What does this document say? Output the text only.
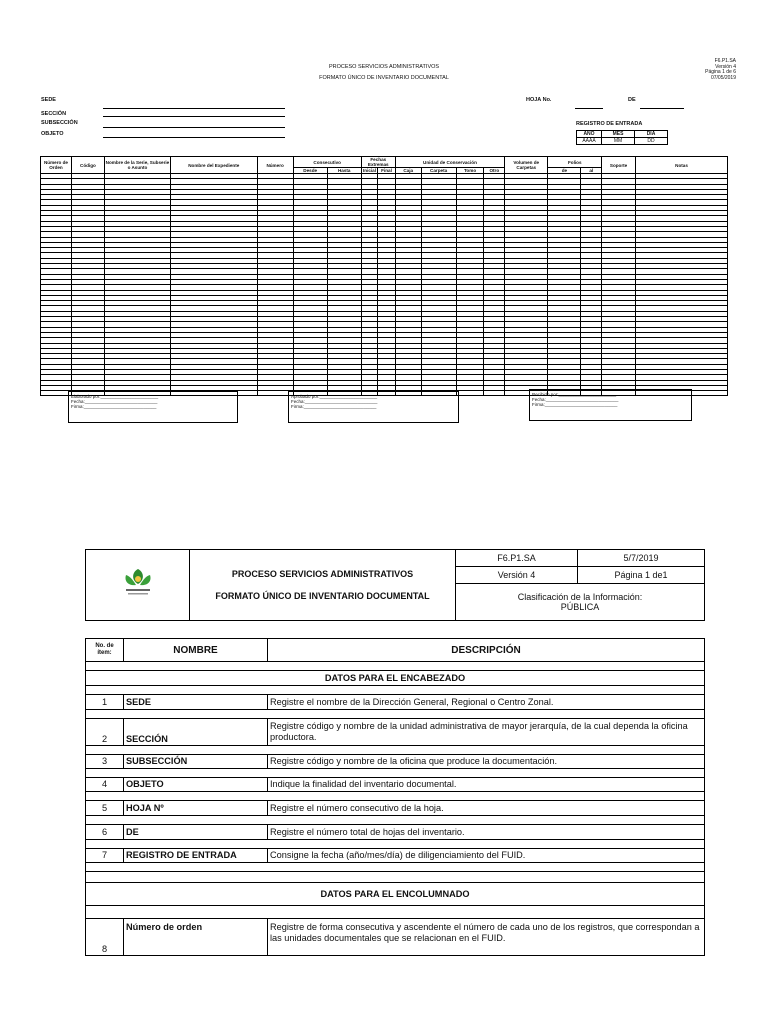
PROCESO SERVICIOS ADMINISTRATIVOS
FORMATO ÚNICO DE INVENTARIO DOCUMENTAL
F6.P1.SA
Versión 4
Página 1 de 6
07/05/2019
SEDE
SECCIÓN
SUBSECCIÓN
OBJETO
HOJA No.	DE
REGISTRO DE ENTRADA
AÑO	MES	DIA
AAAA	MM	DD
Número de Orden	Código	Nombre de la Serie, Subserie o Asunto	Nombre del Expediente	Número	Consecutivo		Fechas Extremas		Unidad de Conservación				Volumen de Carpetas	Folios		Soporte	Notas
					Desde	Hasta	Inicial	Final	Caja	Carpeta	Tomo	Otro		de	al		

Elaborado por:_______________________
Fecha:_____________________________
Firma:_____________________________
Aprobado por:_______________________
Fecha:_____________________________
Firma:_____________________________
Recibido por:_______________________
Fecha:_____________________________
Firma:_____________________________

PROCESO SERVICIOS ADMINISTRATIVOS
FORMATO ÚNICO DE INVENTARIO DOCUMENTAL	F6.P1.SA	5/7/2019
		Versión 4	Página 1 de1

		Clasificación de la Información:
PÚBLICA	
No. de ítem:	NOMBRE	DESCRIPCIÓN

DATOS PARA EL ENCABEZADO		

1	SEDE	Registre el nombre de la Dirección General, Regional o Centro Zonal.

2	SECCIÓN	Registre código y nombre de la unidad administrativa de mayor jerarquía, de la cual dependa la oficina productora.

3	SUBSECCIÓN	Registre código y nombre de la oficina que produce la documentación.

4	OBJETO	Indique la finalidad del inventario documental.

5	HOJA Nº	Registre el número consecutivo de la hoja.

6	DE	Registre el número total de hojas del inventario.

7	REGISTRO DE ENTRADA	Consigne la fecha (año/mes/día) de diligenciamiento del FUID.

DATOS PARA EL ENCOLUMNADO		

8	Número de orden	Registre de forma consecutiva y ascendente el número de cada uno de los registros, que correspondan a las unidades documentales que se relacionan en el FUID.
